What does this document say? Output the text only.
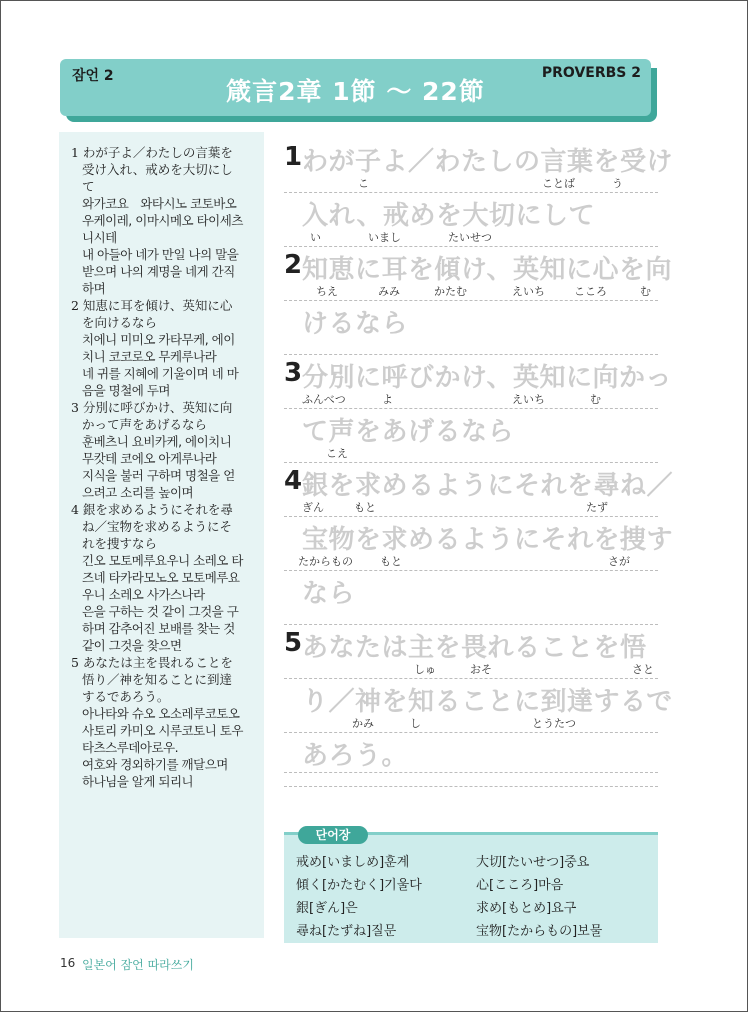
잠언 2
箴言2章 1節 〜 22節
PROVERBS 2
1 わが子よ／わたしの言葉を
受け入れ、戒めを大切にし
て
와가코요　와타시노 코토바오
우케이레, 이마시메오 타이세츠
니시테
내 아들아 네가 만일 나의 말을
받으며 나의 계명을 네게 간직
하며
2 知恵に耳を傾け、英知に心
を向けるなら
치에니 미미오 카타무케, 에이
치니 코코로오 무케루나라
네 귀를 지혜에 기울이며 네 마
음을 명철에 두며
3 分別に呼びかけ、英知に向
かって声をあげるなら
훈베츠니 요비카케, 에이치니
무캇테 코에오 아게루나라
지식을 불러 구하며 명철을 얻
으려고 소리를 높이며
4 銀を求めるようにそれを尋
ね／宝物を求めるようにそ
れを捜すなら
긴오 모토메루요우니 소레오 타
즈네 타카라모노오 모토메루요
우니 소레오 사가스나라
은을 구하는 것 같이 그것을 구
하며 감추어진 보배를 찾는 것
같이 그것을 찾으면
5 あなたは主を畏れることを
悟り／神を知ることに到達
するであろう。
아나타와 슈오 오소레루코토오
사토리 카미오 시루코토니 토우
타츠스루데아로우.
여호와 경외하기를 깨달으며
하나님을 알게 되리니
1 わが子よ／わたしの言葉を受け
こ	ことば	う
入れ、戒めを大切にして
い	いまし	たいせつ
2 知恵に耳を傾け、英知に心を向
ちえ	みみ	かたむ	えいち	こころ	む
けるなら
3 分別に呼びかけ、英知に向かっ
ふんべつ	よ	えいち	む
て声をあげるなら
こえ
4 銀を求めるようにそれを尋ね／
ぎん	もと	たず
宝物を求めるようにそれを捜す
たからもの もと	さが
なら
5 あなたは主を畏れることを悟
しゅ	おそ	さと
り／神を知ることに到達するで
かみ	し	とうたつ
あろう。
단어장
戒め[いましめ]훈계	大切[たいせつ]중요
傾く[かたむく]기울다	心[こころ]마음
銀[ぎん]은	求め[もとめ]요구
尋ね[たずね]질문	宝物[たからもの]보물
16 일본어 잠언 따라쓰기
